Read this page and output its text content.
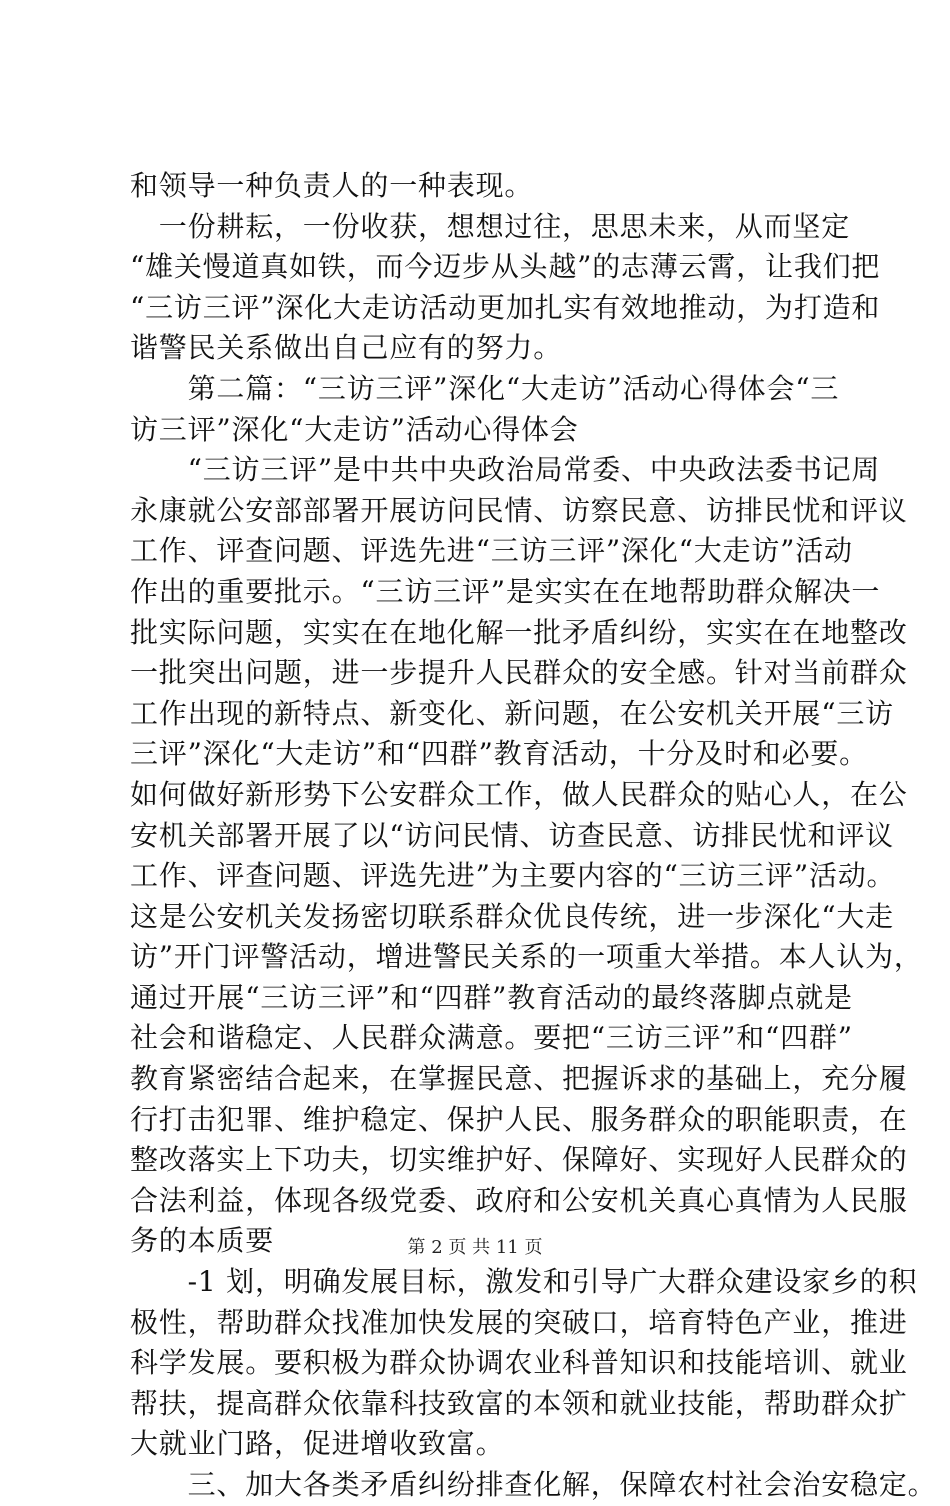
和领导一种负责人的一种表现。
　一份耕耘，一份收获，想想过往，思思未来，从而坚定
“雄关慢道真如铁，而今迈步从头越”的志薄云霄，让我们把
“三访三评”深化大走访活动更加扎实有效地推动，为打造和
谐警民关系做出自己应有的努力。
　　第二篇：“三访三评”深化“大走访”活动心得体会“三
访三评”深化“大走访”活动心得体会
　　“三访三评”是中共中央政治局常委、中央政法委书记周
永康就公安部部署开展访问民情、访察民意、访排民忧和评议
工作、评查问题、评选先进“三访三评”深化“大走访”活动
作出的重要批示。“三访三评”是实实在在地帮助群众解决一
批实际问题，实实在在地化解一批矛盾纠纷，实实在在地整改
一批突出问题，进一步提升人民群众的安全感。针对当前群众
工作出现的新特点、新变化、新问题，在公安机关开展“三访
三评”深化“大走访”和“四群”教育活动，十分及时和必要。
如何做好新形势下公安群众工作，做人民群众的贴心人，在公
安机关部署开展了以“访问民情、访查民意、访排民忧和评议
工作、评查问题、评选先进”为主要内容的“三访三评”活动。
这是公安机关发扬密切联系群众优良传统，进一步深化“大走
访”开门评警活动，增进警民关系的一项重大举措。本人认为，
通过开展“三访三评”和“四群”教育活动的最终落脚点就是
社会和谐稳定、人民群众满意。要把“三访三评”和“四群”
教育紧密结合起来，在掌握民意、把握诉求的基础上，充分履
行打击犯罪、维护稳定、保护人民、服务群众的职能职责，在
整改落实上下功夫，切实维护好、保障好、实现好人民群众的
合法利益，体现各级党委、政府和公安机关真心真情为人民服
务的本质要
　　-1 划，明确发展目标，激发和引导广大群众建设家乡的积
极性，帮助群众找准加快发展的突破口，培育特色产业，推进
科学发展。要积极为群众协调农业科普知识和技能培训、就业
帮扶，提高群众依靠科技致富的本领和就业技能，帮助群众扩
大就业门路，促进增收致富。
　　三、加大各类矛盾纠纷排查化解，保障农村社会治安稳定。
第 2 页 共 11 页
